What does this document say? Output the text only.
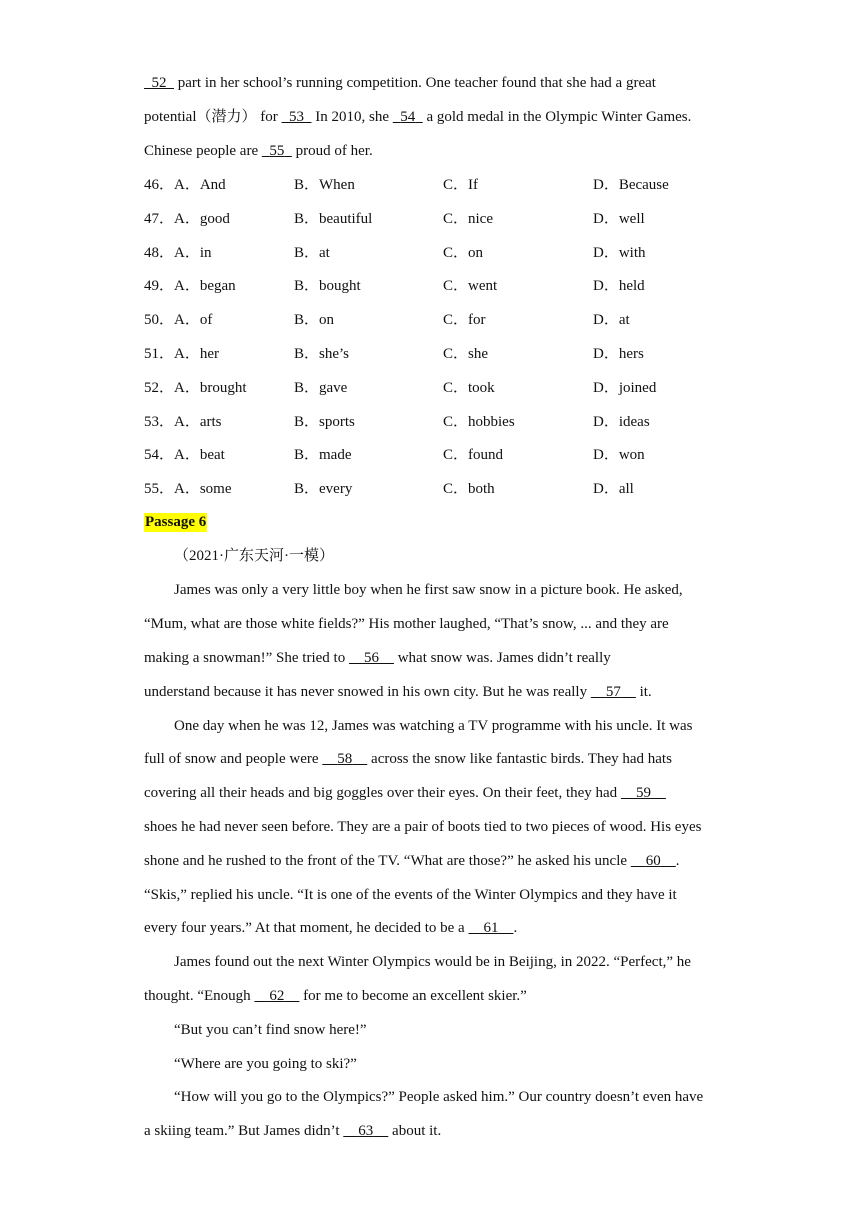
52   part in her school’s running competition. One teacher found that she had a great
potential（潜力） for   53   In 2010, she   54   a gold medal in the Olympic Winter Games.
Chinese people are   55   proud of her.
46．A．And	B．When	C．If	D．Because
47．A．good	B．beautiful	C．nice	D．well
48．A．in	B．at	C．on	D．with
49．A．began	B．bought	C．went	D．held
50．A．of	B．on	C．for	D．at
51．A．her	B．she’s	C．she	D．hers
52．A．brought	B．gave	C．took	D．joined
53．A．arts	B．sports	C．hobbies	D．ideas
54．A．beat	B．made	C．found	D．won
55．A．some	B．every	C．both	D．all
Passage 6
（2021·广东天河·一模）
James was only a very little boy when he first saw snow in a picture book. He asked,
“Mum, what are those white fields?” His mother laughed, “That’s snow, ... and they are
making a snowman!” She tried to     56     what snow was. James didn’t really
understand because it has never snowed in his own city. But he was really     57     it.
One day when he was 12, James was watching a TV programme with his uncle. It was
full of snow and people were     58     across the snow like fantastic birds. They had hats
covering all their heads and big goggles over their eyes. On their feet, they had     59
shoes he had never seen before. They are a pair of boots tied to two pieces of wood. His eyes
shone and he rushed to the front of the TV. “What are those?” he asked his uncle     60 .
“Skis,” replied his uncle. “It is one of the events of the Winter Olympics and they have it
every four years.” At that moment, he decided to be a     61 .
James found out the next Winter Olympics would be in Beijing, in 2022. “Perfect,” he
thought. “Enough     62     for me to become an excellent skier.”
“But you can’t find snow here!”
“Where are you going to ski?”
“How will you go to the Olympics?” People asked him.” Our country doesn’t even have
a skiing team.” But James didn’t     63     about it.
